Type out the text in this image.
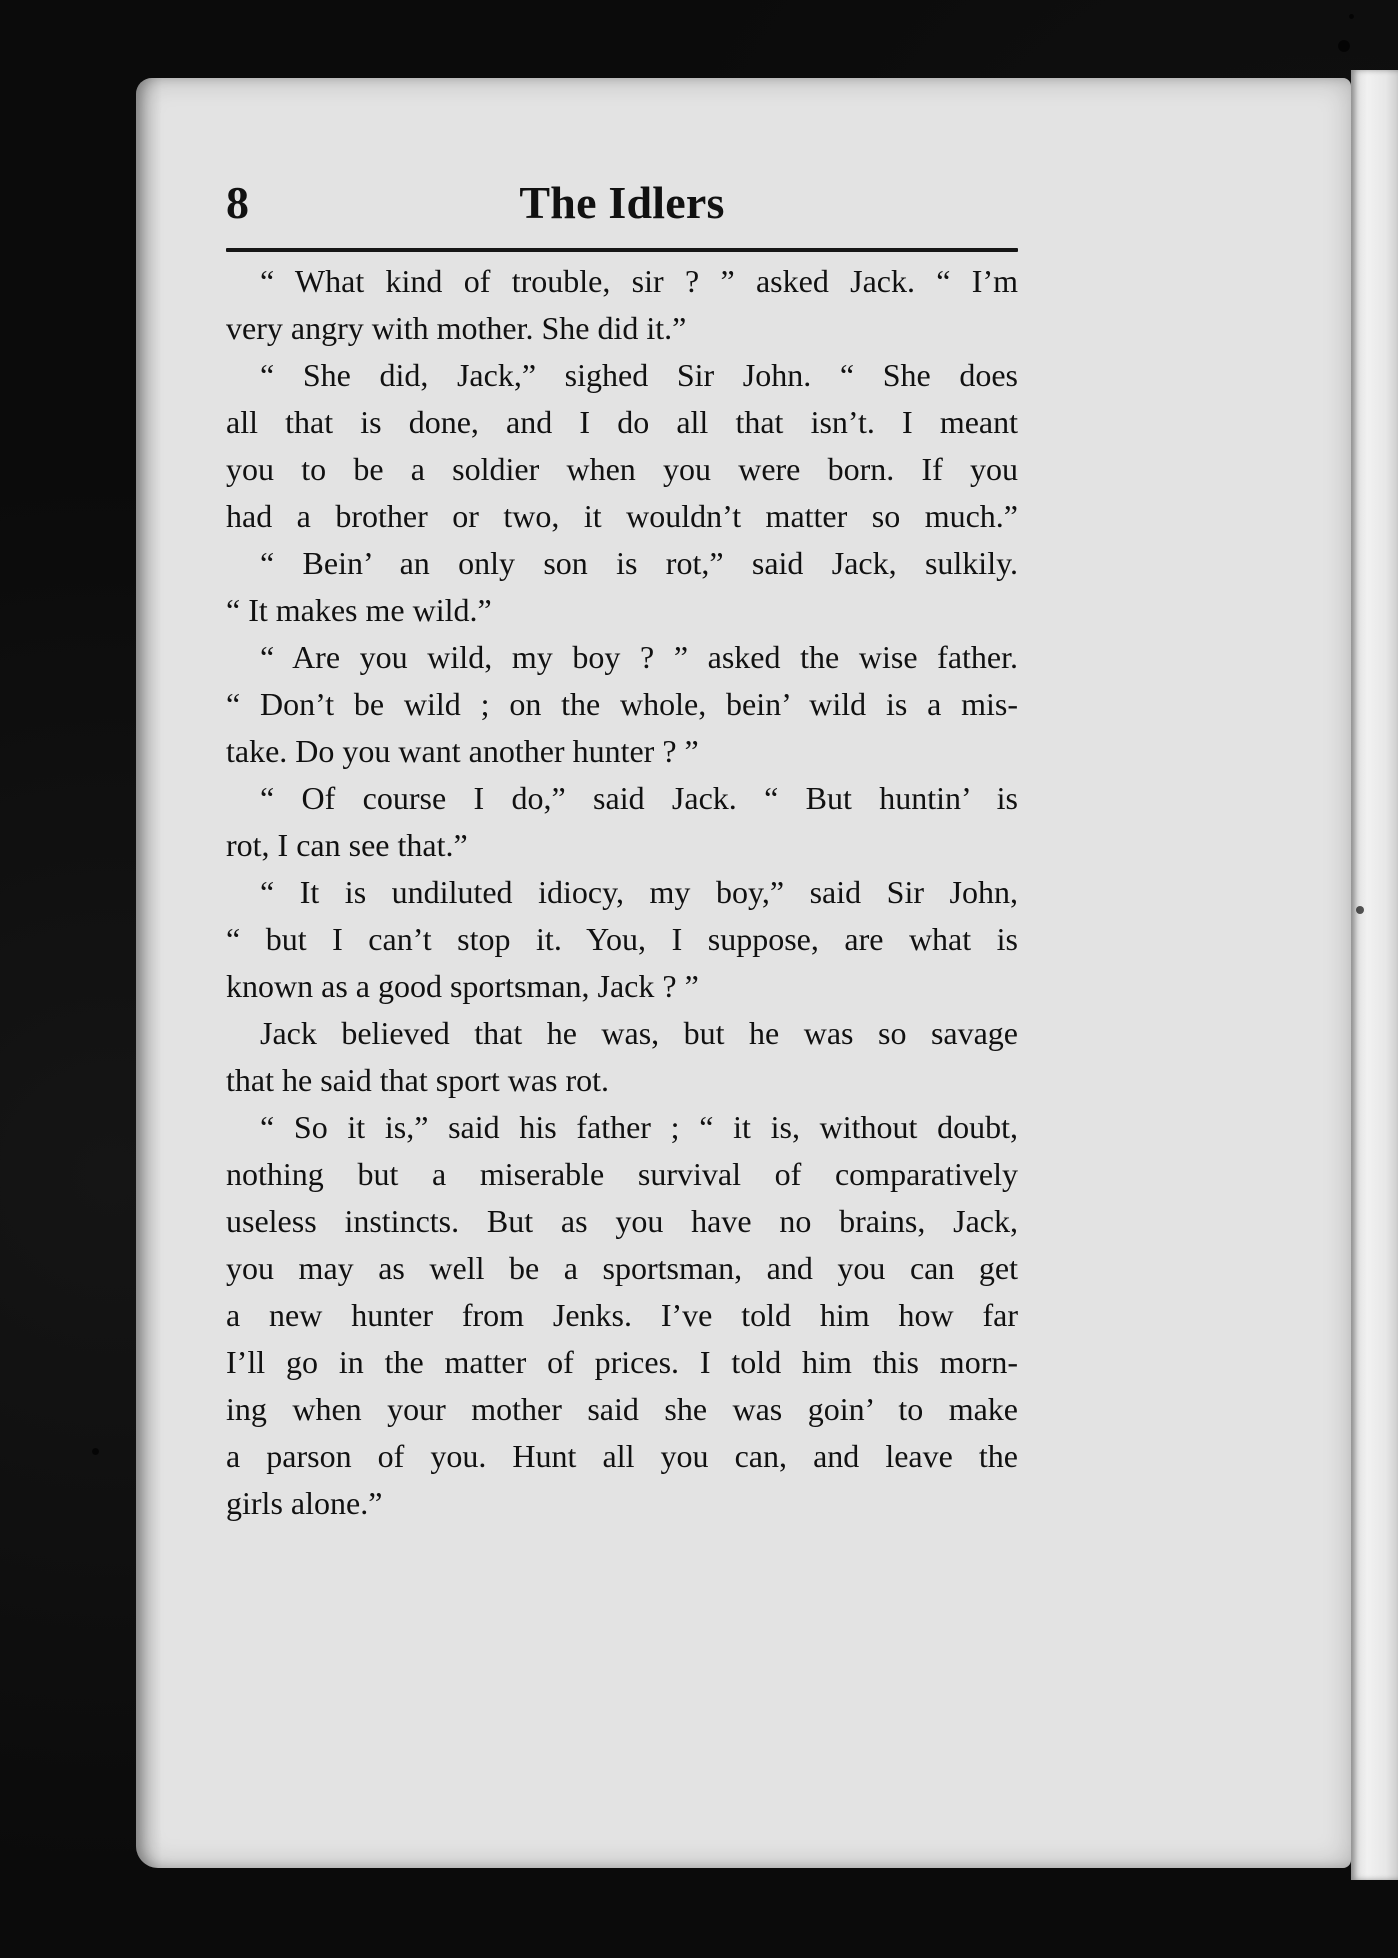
8	The Idlers
“ What kind of trouble, sir ? ” asked Jack. “ I’m
very angry with mother. She did it.”
“ She did, Jack,” sighed Sir John. “ She does
all that is done, and I do all that isn’t. I meant
you to be a soldier when you were born. If you
had a brother or two, it wouldn’t matter so much.”
“ Bein’ an only son is rot,” said Jack, sulkily.
“ It makes me wild.”
“ Are you wild, my boy ? ” asked the wise father.
“ Don’t be wild ; on the whole, bein’ wild is a mis-
take. Do you want another hunter ? ”
“ Of course I do,” said Jack. “ But huntin’ is
rot, I can see that.”
“ It is undiluted idiocy, my boy,” said Sir John,
“ but I can’t stop it. You, I suppose, are what is
known as a good sportsman, Jack ? ”
Jack believed that he was, but he was so savage
that he said that sport was rot.
“ So it is,” said his father ; “ it is, without doubt,
nothing but a miserable survival of comparatively
useless instincts. But as you have no brains, Jack,
you may as well be a sportsman, and you can get
a new hunter from Jenks. I’ve told him how far
I’ll go in the matter of prices. I told him this morn-
ing when your mother said she was goin’ to make
a parson of you. Hunt all you can, and leave the
girls alone.”
